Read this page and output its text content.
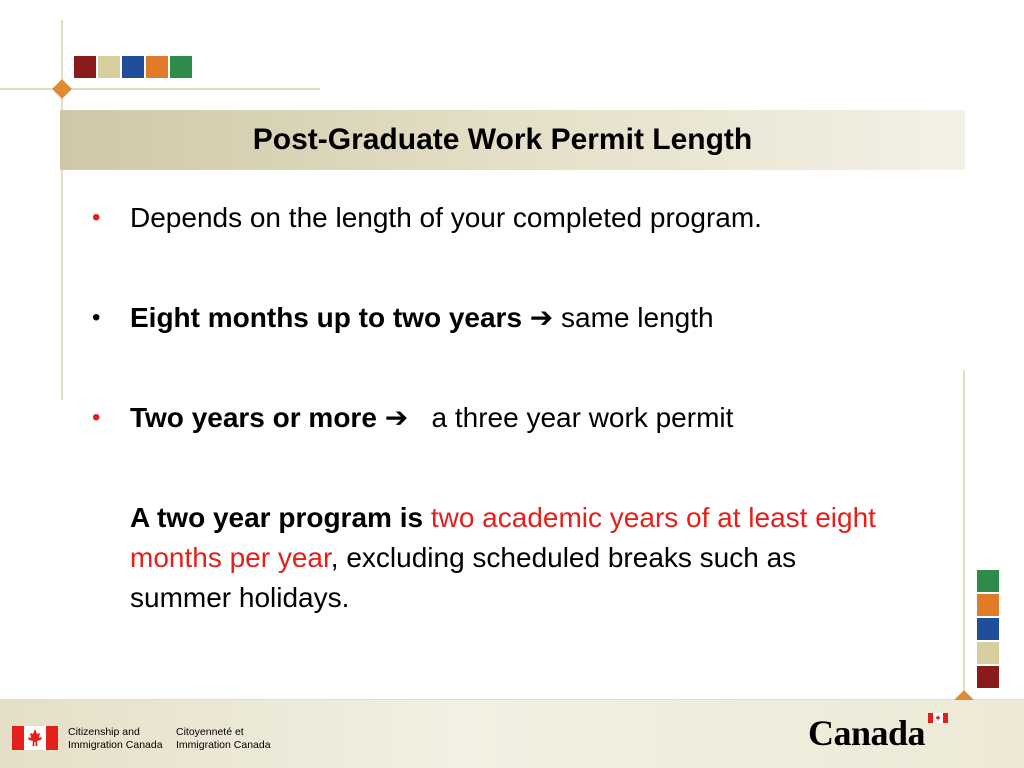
Post-Graduate Work Permit Length
•	Depends on the length of your completed program.
•	Eight months up to two years ➔ same length
•	Two years or more ➔ a three year work permit
A two year program is two academic years of at least eight months per year, excluding scheduled breaks such as summer holidays.
Citizenship and
Immigration Canada
Citoyenneté et
Immigration Canada	Canada
